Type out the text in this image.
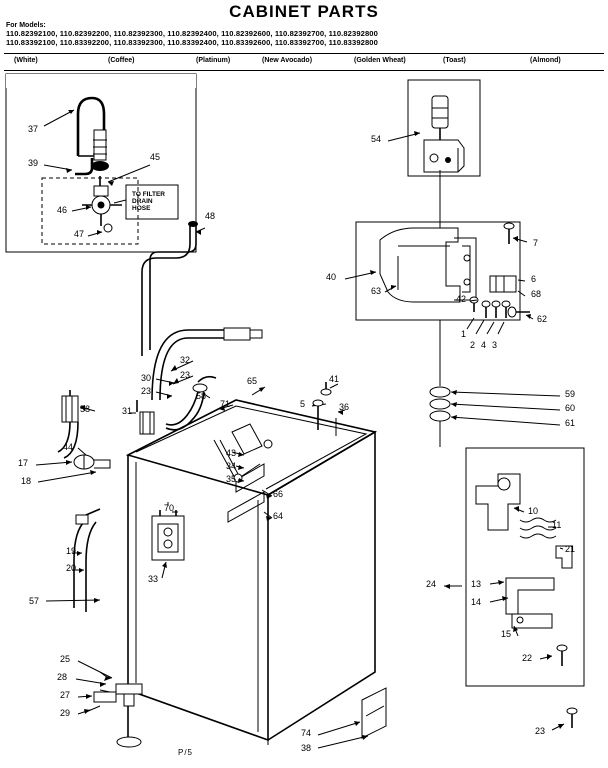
CABINET PARTS
For Models:
110.82392100, 110.82392200, 110.82392300, 110.82392400, 110.82392600, 110.82392700, 110.82392800
110.83392100, 110.83392200, 110.83392300, 110.83392400, 110.83392600, 110.83392700, 110.83392800
(White)	(Coffee)	(Platinum)	(New Avocado)	(Golden Wheat)	(Toast)	(Almond)
TO FILTER DRAIN HOSE
P/5
37
39
45
46
47
48
54
7
6
68
62
42
1
2 4 3
40
63
59
60
61
32
23
30
23	58
71
65	41
5	36
31
58
44
17
18
43
34
35
66
64
70
33
19
20
57
10
11
21
24	13
14
15
22
23
25
28
27
29
74
38
